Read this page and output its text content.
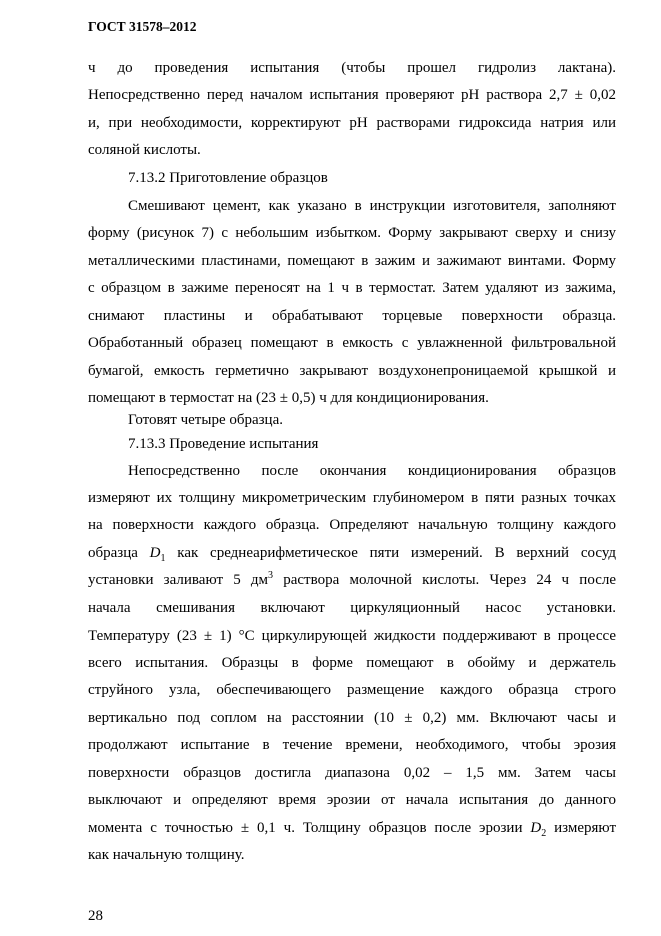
ГОСТ 31578–2012
ч до проведения испытания (чтобы прошел гидролиз лактана).
Непосредственно перед началом испытания проверяют pH раствора 2,7 ± 0,02
и, при необходимости, корректируют pH растворами гидроксида натрия или
соляной кислоты.
7.13.2 Приготовление образцов
Смешивают цемент, как указано в инструкции изготовителя, заполняют
форму (рисунок 7) с небольшим избытком. Форму закрывают сверху и снизу
металлическими пластинами, помещают в зажим и зажимают винтами. Форму
с образцом в зажиме переносят на 1 ч в термостат. Затем удаляют из зажима,
снимают пластины и обрабатывают торцевые поверхности образца.
Обработанный образец помещают в емкость с увлажненной фильтровальной
бумагой, емкость герметично закрывают воздухонепроницаемой крышкой и
помещают в термостат на (23 ± 0,5) ч для кондиционирования.
Готовят четыре образца.
7.13.3 Проведение испытания
Непосредственно после окончания кондиционирования образцов
измеряют их толщину микрометрическим глубиномером в пяти разных точках
на поверхности каждого образца. Определяют начальную толщину каждого
образца $D_1$ как среднеарифметическое пяти измерений. В верхний сосуд
установки заливают 5 $дм^3$ раствора молочной кислоты. Через 24 ч после
начала смешивания включают циркуляционный насос установки.
Температуру (23 ± 1) °С циркулирующей жидкости поддерживают в процессе
всего испытания. Образцы в форме помещают в обойму и держатель
струйного узла, обеспечивающего размещение каждого образца строго
вертикально под соплом на расстоянии (10 ± 0,2) мм. Включают часы и
продолжают испытание в течение времени, необходимого, чтобы эрозия
поверхности образцов достигла диапазона 0,02 – 1,5 мм. Затем часы
выключают и определяют время эрозии от начала испытания до данного
момента с точностью ± 0,1 ч. Толщину образцов после эрозии $D_2$ измеряют
как начальную толщину.
28
